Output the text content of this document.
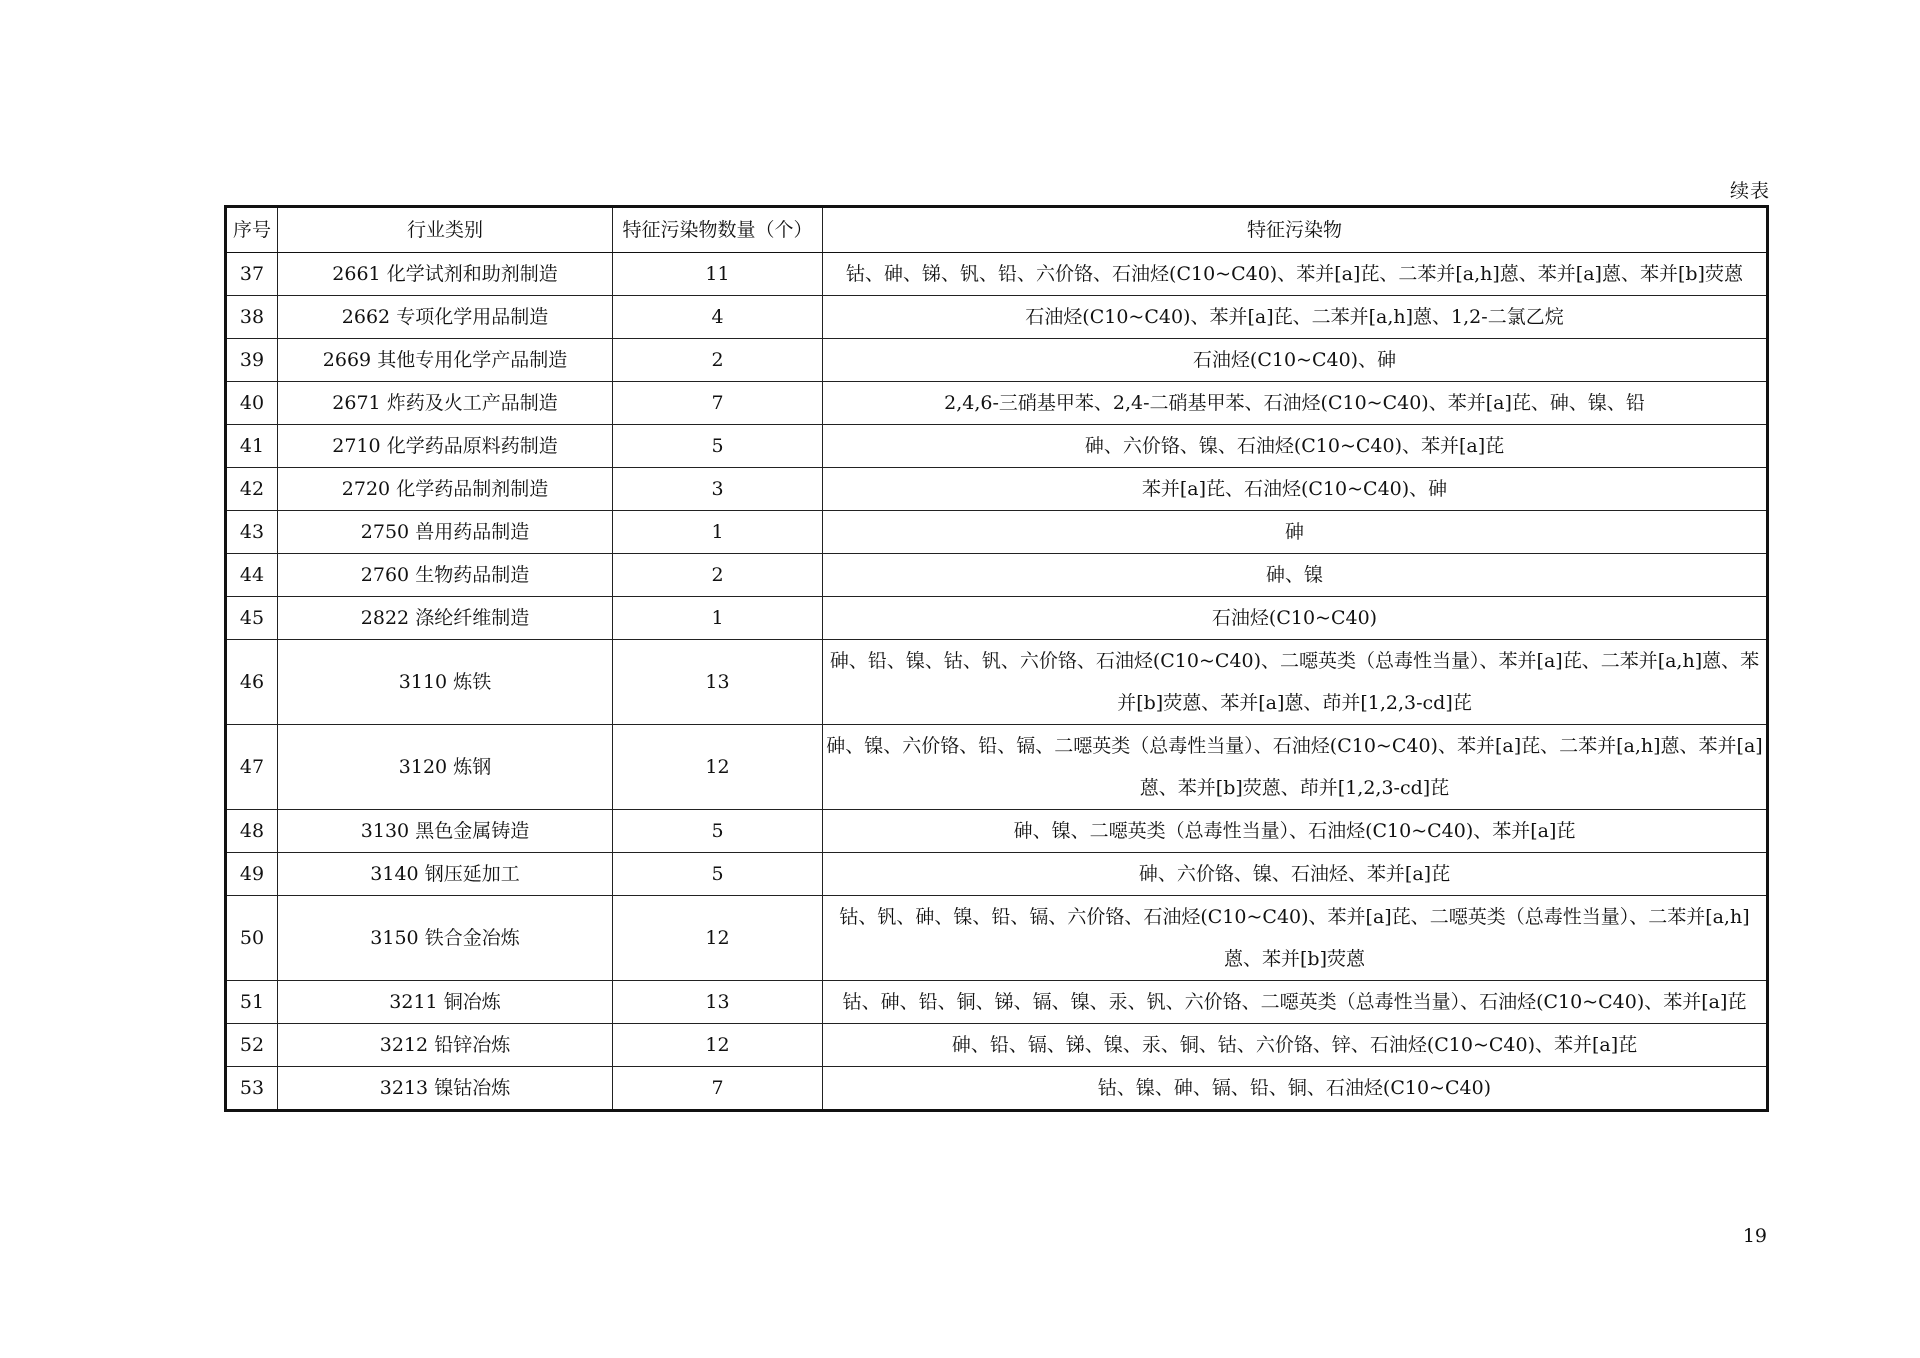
续表
序号	行业类别	特征污染物数量（个）	特征污染物
37	2661 化学试剂和助剂制造	11	钴、砷、锑、钒、铅、六价铬、石油烃(C10~C40)、苯并[a]芘、二苯并[a,h]蒽、苯并[a]蒽、苯并[b]荧蒽
38	2662 专项化学用品制造	4	石油烃(C10~C40)、苯并[a]芘、二苯并[a,h]蒽、1,2-二氯乙烷
39	2669 其他专用化学产品制造	2	石油烃(C10~C40)、砷
40	2671 炸药及火工产品制造	7	2,4,6-三硝基甲苯、2,4-二硝基甲苯、石油烃(C10~C40)、苯并[a]芘、砷、镍、铅
41	2710 化学药品原料药制造	5	砷、六价铬、镍、石油烃(C10~C40)、苯并[a]芘
42	2720 化学药品制剂制造	3	苯并[a]芘、石油烃(C10~C40)、砷
43	2750 兽用药品制造	1	砷
44	2760 生物药品制造	2	砷、镍
45	2822 涤纶纤维制造	1	石油烃(C10~C40)
46	3110 炼铁	13	砷、铅、镍、钴、钒、六价铬、石油烃(C10~C40)、二噁英类（总毒性当量）、苯并[a]芘、二苯并[a,h]蒽、苯并[b]荧蒽、苯并[a]蒽、茚并[1,2,3-cd]芘
47	3120 炼钢	12	砷、镍、六价铬、铅、镉、二噁英类（总毒性当量）、石油烃(C10~C40)、苯并[a]芘、二苯并[a,h]蒽、苯并[a]蒽、苯并[b]荧蒽、茚并[1,2,3-cd]芘
48	3130 黑色金属铸造	5	砷、镍、二噁英类（总毒性当量）、石油烃(C10~C40)、苯并[a]芘
49	3140 钢压延加工	5	砷、六价铬、镍、石油烃、苯并[a]芘
50	3150 铁合金冶炼	12	钴、钒、砷、镍、铅、镉、六价铬、石油烃(C10~C40)、苯并[a]芘、二噁英类（总毒性当量）、二苯并[a,h]蒽、苯并[b]荧蒽
51	3211 铜冶炼	13	钴、砷、铅、铜、锑、镉、镍、汞、钒、六价铬、二噁英类（总毒性当量）、石油烃(C10~C40)、苯并[a]芘
52	3212 铅锌冶炼	12	砷、铅、镉、锑、镍、汞、铜、钴、六价铬、锌、石油烃(C10~C40)、苯并[a]芘
53	3213 镍钴冶炼	7	钴、镍、砷、镉、铅、铜、石油烃(C10~C40)
19
